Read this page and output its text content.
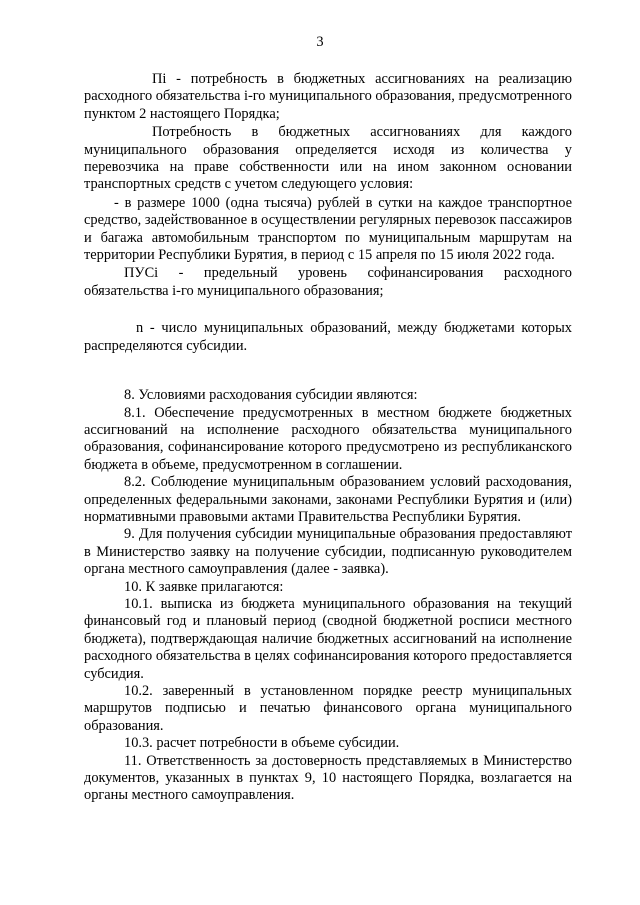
3

Пi - потребность в бюджетных ассигнованиях на реализацию расходного обязательства i-го муниципального образования, предусмотренного пунктом 2 настоящего Порядка;

Потребность в бюджетных ассигнованиях для каждого муниципального образования определяется исходя из количества у перевозчика на праве собственности или на ином законном основании транспортных средств с учетом следующего условия:

- в размере 1000 (одна тысяча) рублей в сутки на каждое транспортное средство, задействованное в осуществлении регулярных перевозок пассажиров и багажа автомобильным транспортом по муниципальным маршрутам на территории Республики Бурятия, в период с 15 апреля по 15 июля 2022 года.

ПУСi - предельный уровень софинансирования расходного обязательства i-го муниципального образования;

n - число муниципальных образований, между бюджетами которых распределяются субсидии.

8. Условиями расходования субсидии являются:

8.1. Обеспечение предусмотренных в местном бюджете бюджетных ассигнований на исполнение расходного обязательства муниципального образования, софинансирование которого предусмотрено из республиканского бюджета в объеме, предусмотренном в соглашении.

8.2. Соблюдение муниципальным образованием условий расходования, определенных федеральными законами, законами Республики Бурятия и (или) нормативными правовыми актами Правительства Республики Бурятия.

9. Для получения субсидии муниципальные образования предоставляют в Министерство заявку на получение субсидии, подписанную руководителем органа местного самоуправления (далее - заявка).

10. К заявке прилагаются:

10.1. выписка из бюджета муниципального образования на текущий финансовый год и плановый период (сводной бюджетной росписи местного бюджета), подтверждающая наличие бюджетных ассигнований на исполнение расходного обязательства в целях софинансирования которого предоставляется субсидия.

10.2. заверенный в установленном порядке реестр муниципальных маршрутов подписью и печатью финансового органа муниципального образования.

10.3. расчет потребности в объеме субсидии.

11. Ответственность за достоверность представляемых в Министерство документов, указанных в пунктах 9, 10 настоящего Порядка, возлагается на органы местного самоуправления.
